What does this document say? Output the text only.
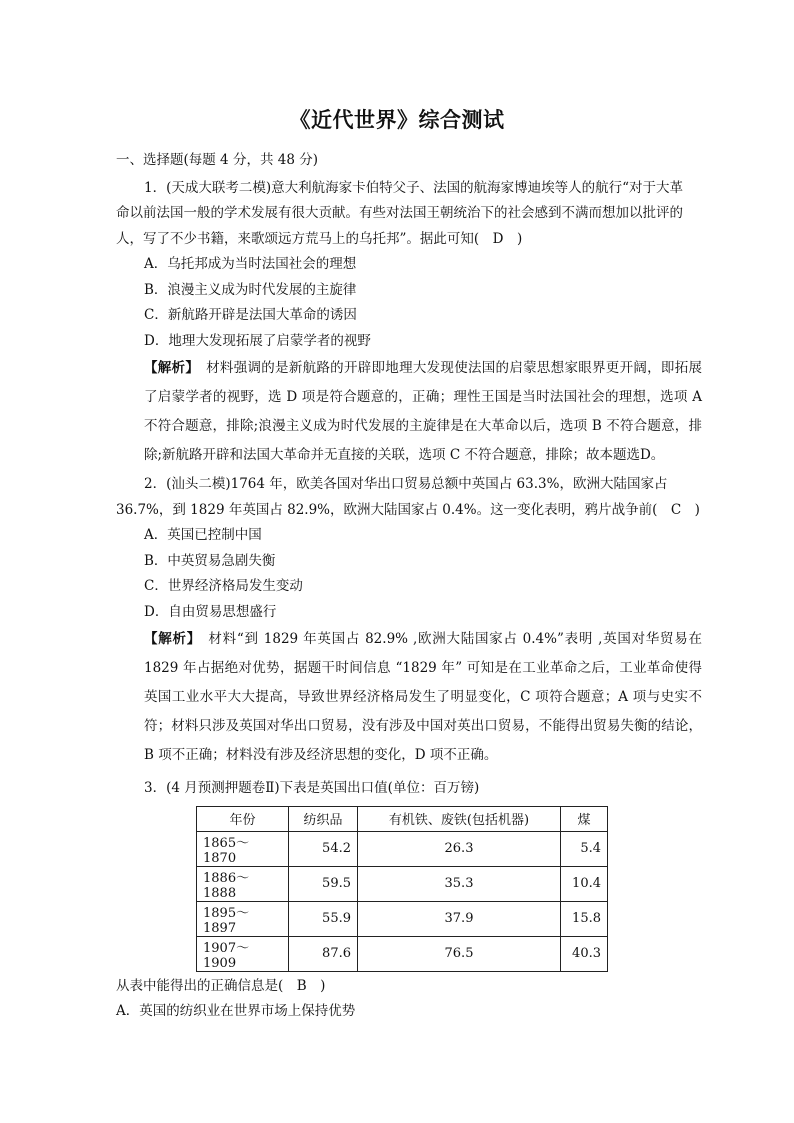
《近代世界》综合测试
一、选择题(每题 4 分，共 48 分)
1．(天成大联考二模)意大利航海家卡伯特父子、法国的航海家博迪埃等人的航行“对于大革
命以前法国一般的学术发展有很大贡献。有些对法国王朝统治下的社会感到不满而想加以批评的
人，写了不少书籍，来歌颂远方荒马上的乌托邦”。据此可知(　D　)
A．乌托邦成为当时法国社会的理想
B．浪漫主义成为时代发展的主旋律
C．新航路开辟是法国大革命的诱因
D．地理大发现拓展了启蒙学者的视野
【解析】　材料强调的是新航路的开辟即地理大发现使法国的启蒙思想家眼界更开阔，即拓展了启蒙学者的视野，选 D 项是符合题意的，正确；理性王国是当时法国社会的理想，选项 A 不符合题意，排除;浪漫主义成为时代发展的主旋律是在大革命以后，选项 B 不符合题意，排除;新航路开辟和法国大革命并无直接的关联，选项 C 不符合题意，排除；故本题选D。
2．(汕头二模)1764 年，欧美各国对华出口贸易总额中英国占 63.3%，欧洲大陆国家占
36.7%，到 1829 年英国占 82.9%，欧洲大陆国家占 0.4%。这一变化表明，鸦片战争前(　C　)
A．英国已控制中国
B．中英贸易急剧失衡
C．世界经济格局发生变动
D．自由贸易思想盛行
【解析】　材料“到 1829 年英国占 82.9% ,欧洲大陆国家占 0.4%”表明 ,英国对华贸易在 1829 年占据绝对优势，据题干时间信息 “1829 年” 可知是在工业革命之后，工业革命使得英国工业水平大大提高，导致世界经济格局发生了明显变化，C 项符合题意；A 项与史实不符；材料只涉及英国对华出口贸易，没有涉及中国对英出口贸易，不能得出贸易失衡的结论，B 项不正确；材料没有涉及经济思想的变化，D 项不正确。
3．(4 月预测押题卷Ⅱ)下表是英国出口值(单位：百万镑)
年份	纺织品	有机铁、废铁(包括机器)	煤
1865～1870	54.2	26.3	5.4
1886～1888	59.5	35.3	10.4
1895～1897	55.9	37.9	15.8
1907～1909	87.6	76.5	40.3
从表中能得出的正确信息是(　B　)
A．英国的纺织业在世界市场上保持优势
